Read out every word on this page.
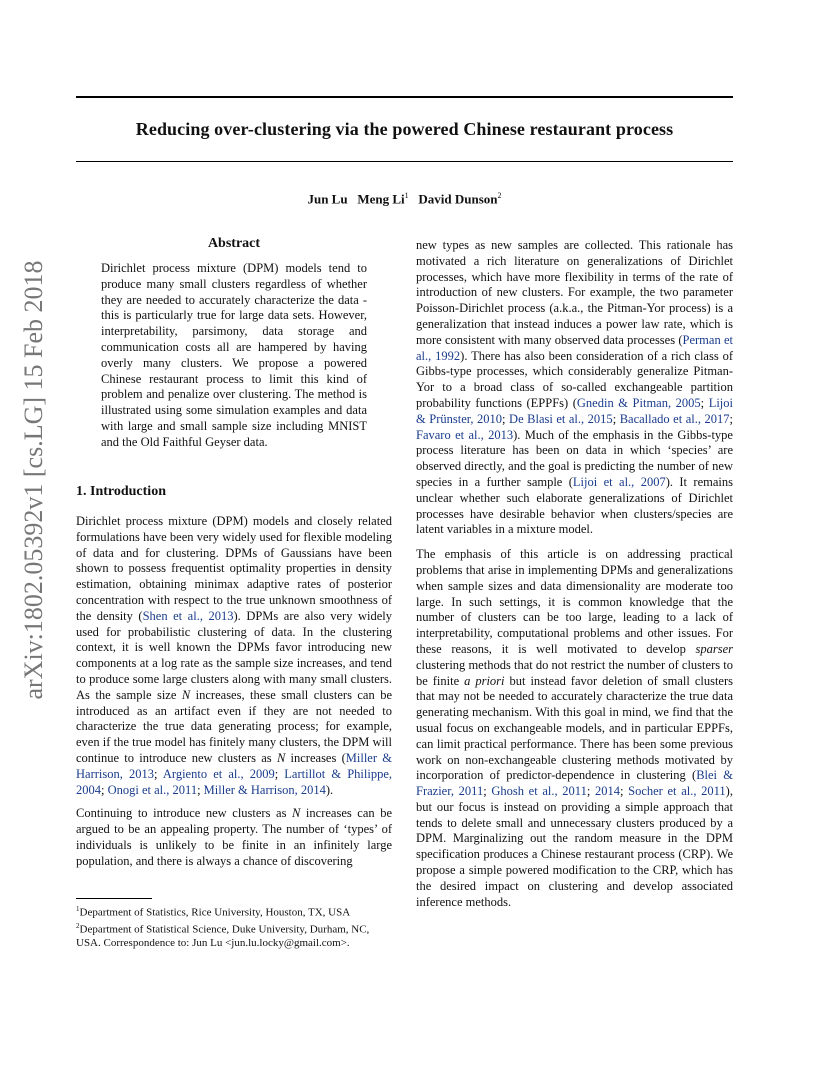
Reducing over-clustering via the powered Chinese restaurant process
Jun Lu Meng Li$^1$ David Dunson$^2$
arXiv:1802.05392v1 [cs.LG] 15 Feb 2018
Abstract

Dirichlet process mixture (DPM) models tend to produce many small clusters regardless of whether they are needed to accurately characterize the data - this is particularly true for large data sets. However, interpretability, parsimony, data storage and communication costs all are hampered by having overly many clusters. We propose a powered Chinese restaurant process to limit this kind of problem and penalize over clustering. The method is illustrated using some simulation examples and data with large and small sample size including MNIST and the Old Faithful Geyser data.

1. Introduction

Dirichlet process mixture (DPM) models and closely related formulations have been very widely used for flexible modeling of data and for clustering. DPMs of Gaussians have been shown to possess frequentist optimality properties in density estimation, obtaining minimax adaptive rates of posterior concentration with respect to the true unknown smoothness of the density (Shen et al., 2013). DPMs are also very widely used for probabilistic clustering of data. In the clustering context, it is well known the DPMs favor introducing new components at a log rate as the sample size increases, and tend to produce some large clusters along with many small clusters. As the sample size N increases, these small clusters can be introduced as an artifact even if they are not needed to characterize the true data generating process; for example, even if the true model has finitely many clusters, the DPM will continue to introduce new clusters as N increases (Miller & Harrison, 2013; Argiento et al., 2009; Lartillot & Philippe, 2004; Onogi et al., 2011; Miller & Harrison, 2014).

Continuing to introduce new clusters as N increases can be argued to be an appealing property. The number of ‘types’ of individuals is unlikely to be finite in an infinitely large population, and there is always a chance of discovering

$^1$Department of Statistics, Rice University, Houston, TX, USA

$^2$Department of Statistical Science, Duke University, Durham, NC, USA. Correspondence to: Jun Lu <jun.lu.locky@gmail.com>.

new types as new samples are collected. This rationale has motivated a rich literature on generalizations of Dirichlet processes, which have more flexibility in terms of the rate of introduction of new clusters. For example, the two parameter Poisson-Dirichlet process (a.k.a., the Pitman-Yor process) is a generalization that instead induces a power law rate, which is more consistent with many observed data processes (Perman et al., 1992). There has also been consideration of a rich class of Gibbs-type processes, which considerably generalize Pitman-Yor to a broad class of so-called exchangeable partition probability functions (EPPFs) (Gnedin & Pitman, 2005; Lijoi & Prünster, 2010; De Blasi et al., 2015; Bacallado et al., 2017; Favaro et al., 2013). Much of the emphasis in the Gibbs-type process literature has been on data in which ‘species’ are observed directly, and the goal is predicting the number of new species in a further sample (Lijoi et al., 2007). It remains unclear whether such elaborate generalizations of Dirichlet processes have desirable behavior when clusters/species are latent variables in a mixture model.

The emphasis of this article is on addressing practical problems that arise in implementing DPMs and generalizations when sample sizes and data dimensionality are moderate too large. In such settings, it is common knowledge that the number of clusters can be too large, leading to a lack of interpretability, computational problems and other issues. For these reasons, it is well motivated to develop sparser clustering methods that do not restrict the number of clusters to be finite a priori but instead favor deletion of small clusters that may not be needed to accurately characterize the true data generating mechanism. With this goal in mind, we find that the usual focus on exchangeable models, and in particular EPPFs, can limit practical performance. There has been some previous work on non-exchangeable clustering methods motivated by incorporation of predictor-dependence in clustering (Blei & Frazier, 2011; Ghosh et al., 2011; 2014; Socher et al., 2011), but our focus is instead on providing a simple approach that tends to delete small and unnecessary clusters produced by a DPM. Marginalizing out the random measure in the DPM specification produces a Chinese restaurant process (CRP). We propose a simple powered modification to the CRP, which has the desired impact on clustering and develop associated inference methods.
